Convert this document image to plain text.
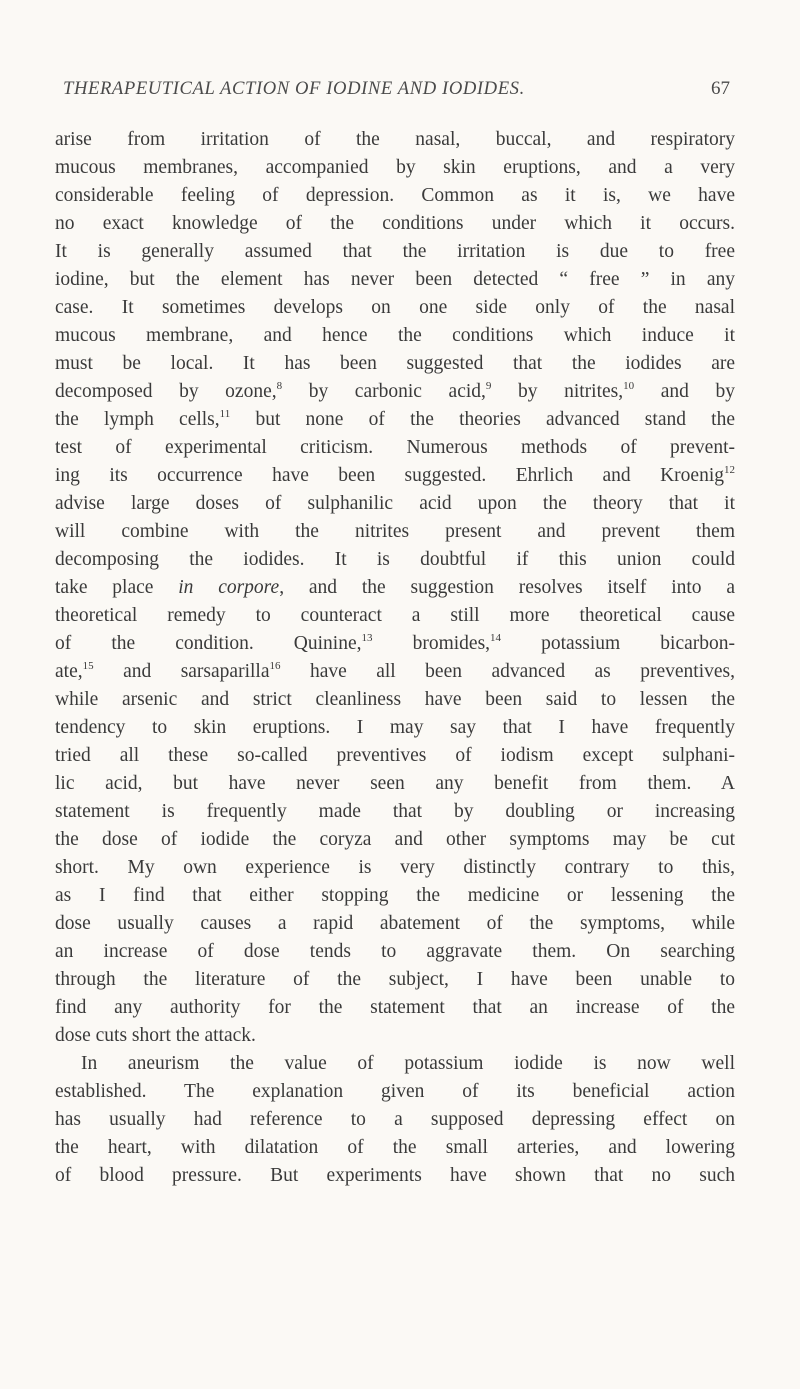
THERAPEUTICAL ACTION OF IODINE AND IODIDES.	67
arise from irritation of the nasal, buccal, and respiratory
mucous membranes, accompanied by skin eruptions, and a very
considerable feeling of depression. Common as it is, we have
no exact knowledge of the conditions under which it occurs.
It is generally assumed that the irritation is due to free
iodine, but the element has never been detected “ free ” in any
case. It sometimes develops on one side only of the nasal
mucous membrane, and hence the conditions which induce it
must be local. It has been suggested that the iodides are
decomposed by ozone,$^8$ by carbonic acid,$^9$ by nitrites,$^{10}$ and by
the lymph cells,$^{11}$ but none of the theories advanced stand the
test of experimental criticism. Numerous methods of prevent-
ing its occurrence have been suggested. Ehrlich and Kroenig$^{12}$
advise large doses of sulphanilic acid upon the theory that it
will combine with the nitrites present and prevent them
decomposing the iodides. It is doubtful if this union could
take place in corpore, and the suggestion resolves itself into a
theoretical remedy to counteract a still more theoretical cause
of the condition. Quinine,$^{13}$ bromides,$^{14}$ potassium bicarbon-
ate,$^{15}$ and sarsaparilla$^{16}$ have all been advanced as preventives,
while arsenic and strict cleanliness have been said to lessen the
tendency to skin eruptions. I may say that I have frequently
tried all these so-called preventives of iodism except sulphani-
lic acid, but have never seen any benefit from them. A
statement is frequently made that by doubling or increasing
the dose of iodide the coryza and other symptoms may be cut
short. My own experience is very distinctly contrary to this,
as I find that either stopping the medicine or lessening the
dose usually causes a rapid abatement of the symptoms, while
an increase of dose tends to aggravate them. On searching
through the literature of the subject, I have been unable to
find any authority for the statement that an increase of the
dose cuts short the attack.
In aneurism the value of potassium iodide is now well
established. The explanation given of its beneficial action
has usually had reference to a supposed depressing effect on
the heart, with dilatation of the small arteries, and lowering
of blood pressure. But experiments have shown that no such
